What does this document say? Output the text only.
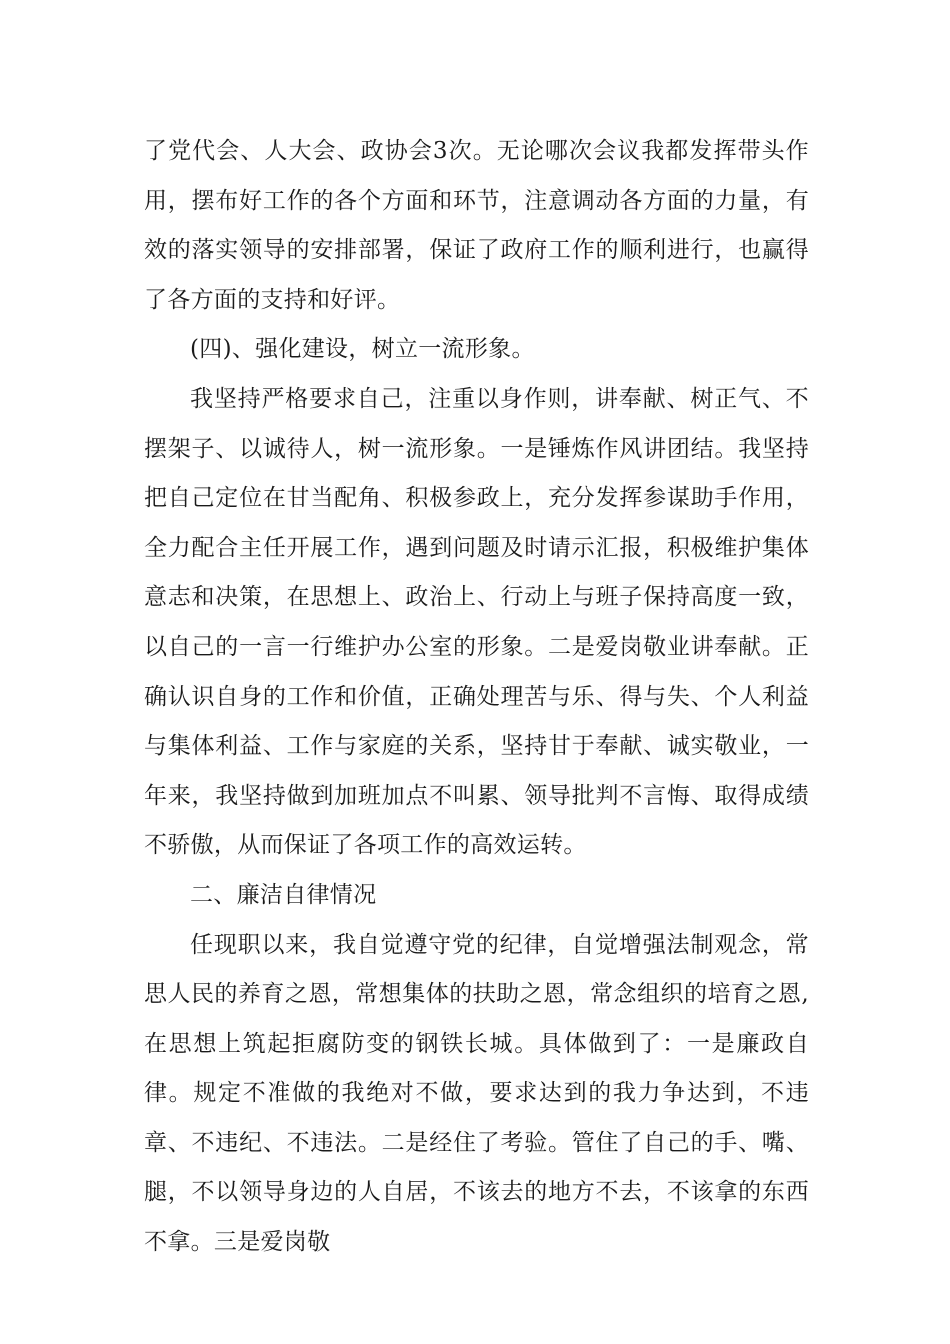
了党代会、人大会、政协会3次。无论哪次会议我都发挥带头作用，摆布好工作的各个方面和环节，注意调动各方面的力量，有效的落实领导的安排部署，保证了政府工作的顺利进行，也赢得了各方面的支持和好评。

(四)、强化建设，树立一流形象。

我坚持严格要求自己，注重以身作则，讲奉献、树正气、不摆架子、以诚待人，树一流形象。一是锤炼作风讲团结。我坚持把自己定位在甘当配角、积极参政上，充分发挥参谋助手作用，全力配合主任开展工作，遇到问题及时请示汇报，积极维护集体意志和决策，在思想上、政治上、行动上与班子保持高度一致，以自己的一言一行维护办公室的形象。二是爱岗敬业讲奉献。正确认识自身的工作和价值，正确处理苦与乐、得与失、个人利益与集体利益、工作与家庭的关系，坚持甘于奉献、诚实敬业，一年来，我坚持做到加班加点不叫累、领导批判不言悔、取得成绩不骄傲，从而保证了各项工作的高效运转。

二、廉洁自律情况

任现职以来，我自觉遵守党的纪律，自觉增强法制观念，常思人民的养育之恩，常想集体的扶助之恩，常念组织的培育之恩,在思想上筑起拒腐防变的钢铁长城。具体做到了：一是廉政自律。规定不准做的我绝对不做，要求达到的我力争达到，不违章、不违纪、不违法。二是经住了考验。管住了自己的手、嘴、腿，不以领导身边的人自居，不该去的地方不去，不该拿的东西不拿。三是爱岗敬
